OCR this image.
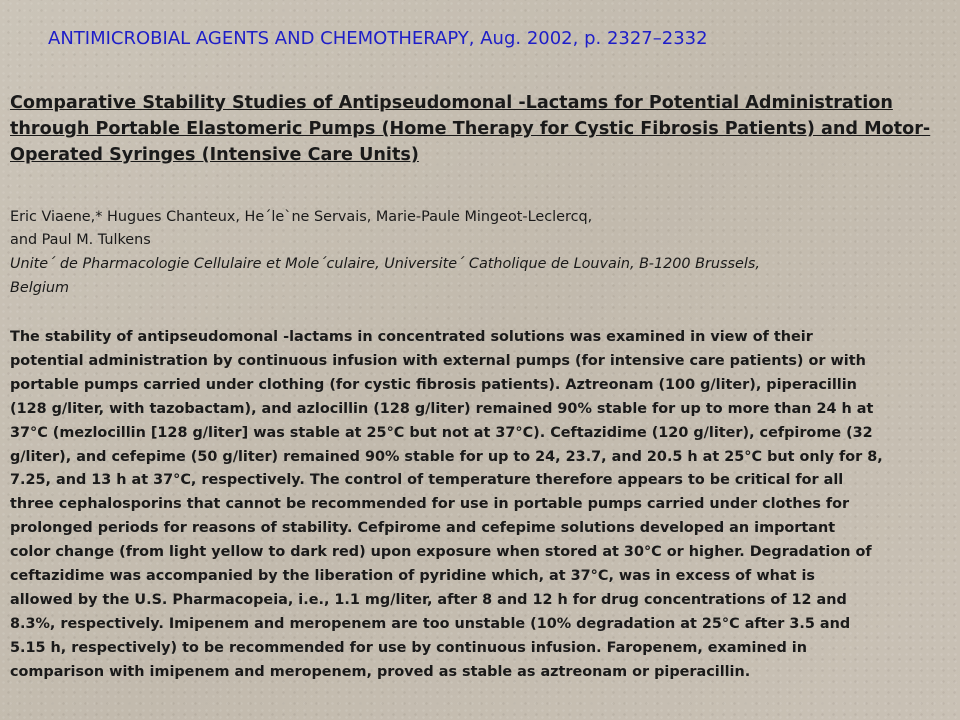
ANTIMICROBIAL AGENTS AND CHEMOTHERAPY, Aug. 2002, p. 2327–2332
Comparative Stability Studies of Antipseudomonal -Lactams for Potential Administration
through Portable Elastomeric Pumps (Home Therapy for Cystic Fibrosis Patients) and Motor-
Operated Syringes (Intensive Care Units)
Eric Viaene,* Hugues Chanteux, He´le`ne Servais, Marie-Paule Mingeot-Leclercq,
and Paul M. Tulkens
Unite´ de Pharmacologie Cellulaire et Mole´culaire, Universite´ Catholique de Louvain, B-1200 Brussels,
Belgium
The stability of antipseudomonal -lactams in concentrated solutions was examined in view of their
potential administration by continuous infusion with external pumps (for intensive care patients) or with
portable pumps carried under clothing (for cystic fibrosis patients). Aztreonam (100 g/liter), piperacillin
(128 g/liter, with tazobactam), and azlocillin (128 g/liter) remained 90% stable for up to more than 24 h at
37°C (mezlocillin [128 g/liter] was stable at 25°C but not at 37°C). Ceftazidime (120 g/liter), cefpirome (32
g/liter), and cefepime (50 g/liter) remained 90% stable for up to 24, 23.7, and 20.5 h at 25°C but only for 8,
7.25, and 13 h at 37°C, respectively. The control of temperature therefore appears to be critical for all
three cephalosporins that cannot be recommended for use in portable pumps carried under clothes for
prolonged periods for reasons of stability. Cefpirome and cefepime solutions developed an important
color change (from light yellow to dark red) upon exposure when stored at 30°C or higher. Degradation of
ceftazidime was accompanied by the liberation of pyridine which, at 37°C, was in excess of what is
allowed by the U.S. Pharmacopeia, i.e., 1.1 mg/liter, after 8 and 12 h for drug concentrations of 12 and
8.3%, respectively. Imipenem and meropenem are too unstable (10% degradation at 25°C after 3.5 and
5.15 h, respectively) to be recommended for use by continuous infusion. Faropenem, examined in
comparison with imipenem and meropenem, proved as stable as aztreonam or piperacillin.
